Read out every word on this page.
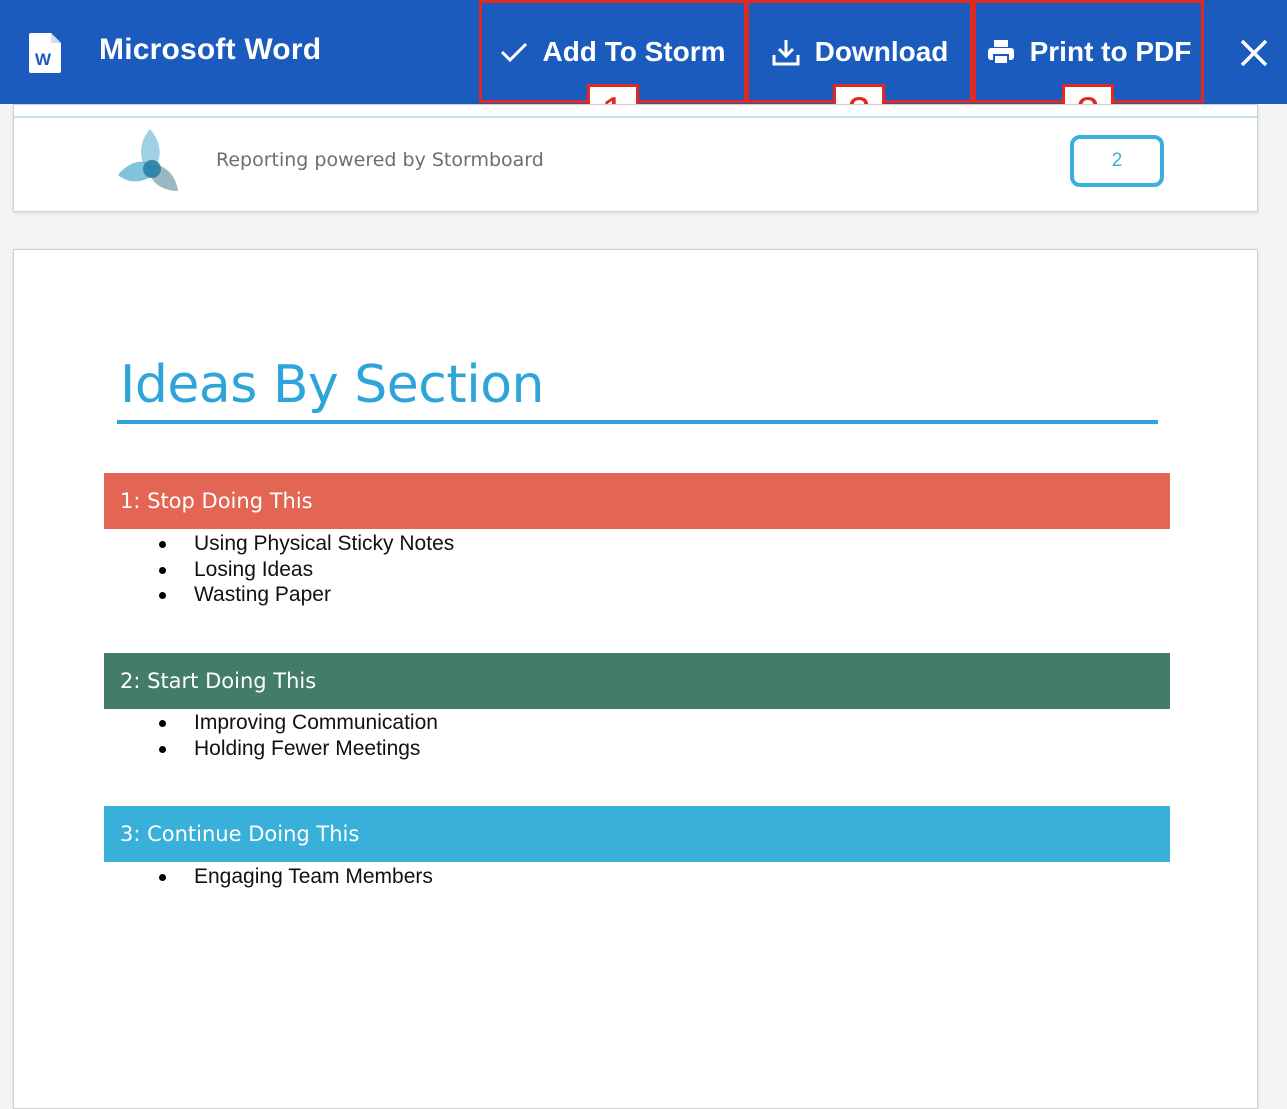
W Microsoft Word	Add To Storm	Download	Print to PDF
Reporting powered by Stormboard	2
Ideas By Section
1: Stop Doing This
Using Physical Sticky Notes
Losing Ideas
Wasting Paper
2: Start Doing This
Improving Communication
Holding Fewer Meetings
3: Continue Doing This
Engaging Team Members
